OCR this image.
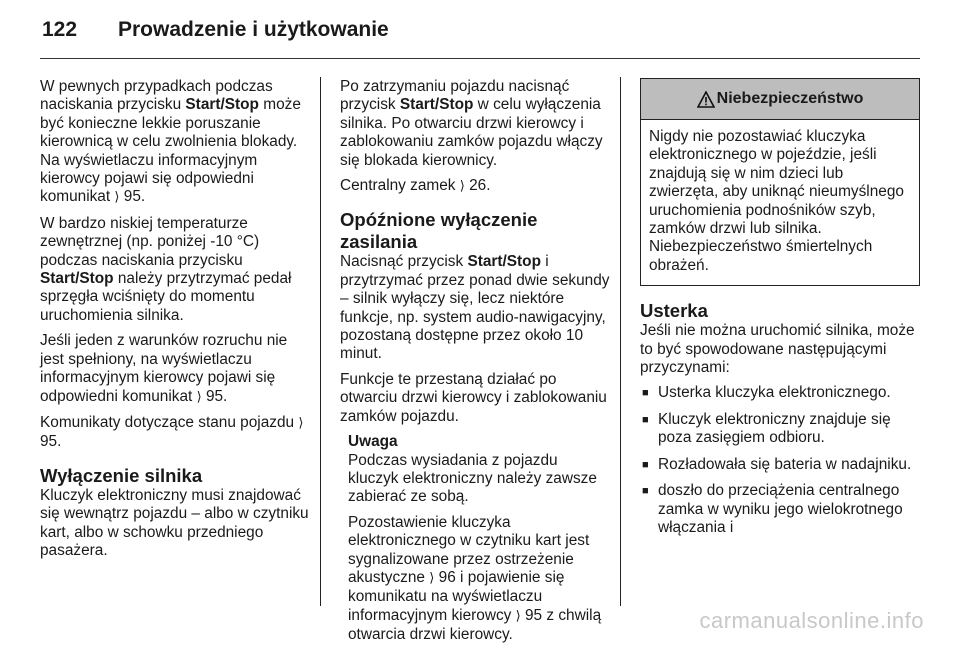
122	Prowadzenie i użytkowanie

W pewnych przypadkach podczas naciskania przycisku Start/Stop może być konieczne lekkie poruszanie kierownicą w celu zwolnienia blokady. Na wyświetlaczu informacyjnym kierowcy pojawi się odpowiedni komunikat ⟩ 95.

W bardzo niskiej temperaturze zewnętrznej (np. poniżej -10 °C) podczas naciskania przycisku Start/Stop należy przytrzymać pedał sprzęgła wciśnięty do momentu uruchomienia silnika.

Jeśli jeden z warunków rozruchu nie jest spełniony, na wyświetlaczu informacyjnym kierowcy pojawi się odpowiedni komunikat ⟩ 95.

Komunikaty dotyczące stanu pojazdu ⟩ 95.

Wyłączenie silnika

Kluczyk elektroniczny musi znajdować się wewnątrz pojazdu – albo w czytniku kart, albo w schowku przedniego pasażera.

Po zatrzymaniu pojazdu nacisnąć przycisk Start/Stop w celu wyłączenia silnika. Po otwarciu drzwi kierowcy i zablokowaniu zamków pojazdu włączy się blokada kierownicy.

Centralny zamek ⟩ 26.

Opóźnione wyłączenie zasilania

Nacisnąć przycisk Start/Stop i przytrzymać przez ponad dwie sekundy – silnik wyłączy się, lecz niektóre funkcje, np. system audio-nawigacyjny, pozostaną dostępne przez około 10 minut.

Funkcje te przestaną działać po otwarciu drzwi kierowcy i zablokowaniu zamków pojazdu.

Uwaga

Podczas wysiadania z pojazdu kluczyk elektroniczny należy zawsze zabierać ze sobą.

Pozostawienie kluczyka elektronicznego w czytniku kart jest sygnalizowane przez ostrzeżenie akustyczne ⟩ 96 i pojawienie się komunikatu na wyświetlaczu informacyjnym kierowcy ⟩ 95 z chwilą otwarcia drzwi kierowcy.

Niebezpieczeństwo
Nigdy nie pozostawiać kluczyka elektronicznego w pojeździe, jeśli znajdują się w nim dzieci lub zwierzęta, aby uniknąć nieumyślnego uruchomienia podnośników szyb, zamków drzwi lub silnika. Niebezpieczeństwo śmiertelnych obrażeń.
Usterka

Jeśli nie można uruchomić silnika, może to być spowodowane następującymi przyczynami:

■ Usterka kluczyka elektronicznego.
■ Kluczyk elektroniczny znajduje się poza zasięgiem odbioru.
■ Rozładowała się bateria w nadajniku.
■ doszło do przeciążenia centralnego zamka w wyniku jego wielokrotnego włączania i
carmanualsonline.info
